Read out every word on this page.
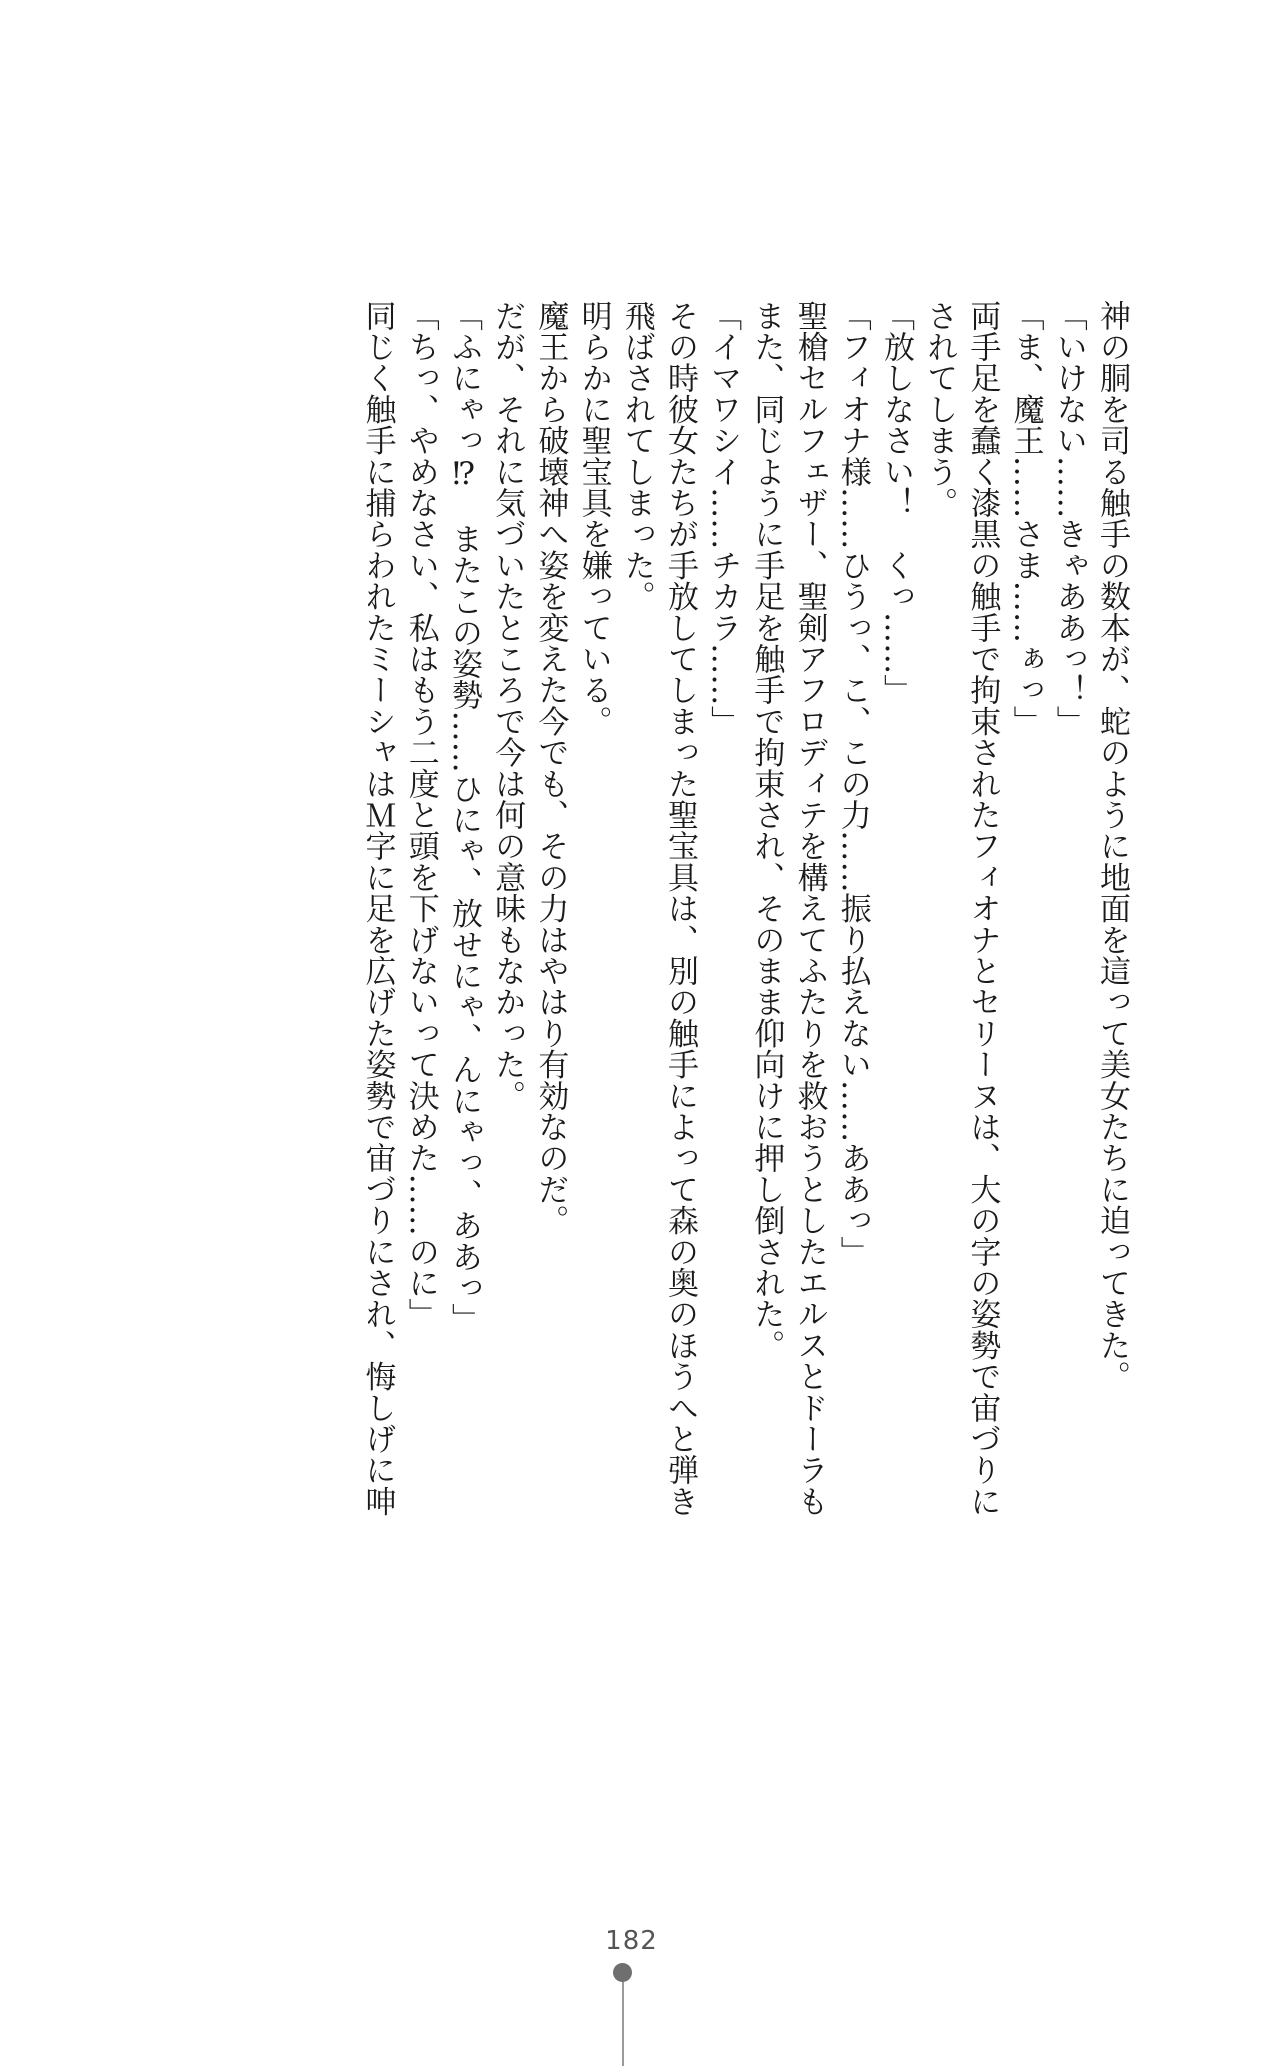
神の胴を司る触手の数本が、蛇のように地面を這って美女たちに迫ってきた。

「いけない……きゃああっ！」

「ま、魔王……さま……ぁっ」

両手足を蠢く漆黒の触手で拘束されたフィオナとセリーヌは、大の字の姿勢で宙づりに

されてしまう。

「放しなさい！　くっ……」

「フィオナ様……ひうっ、こ、この力……振り払えない……ああっ」

聖槍セルフェザー、聖剣アフロディテを構えてふたりを救おうとしたエルスとドーラも

また、同じように手足を触手で拘束され、そのまま仰向けに押し倒された。

「イマワシイ……チカラ……」

その時彼女たちが手放してしまった聖宝具は、別の触手によって森の奥のほうへと弾き

飛ばされてしまった。

明らかに聖宝具を嫌っている。

魔王から破壊神へ姿を変えた今でも、その力はやはり有効なのだ。

だが、それに気づいたところで今は何の意味もなかった。

「ふにゃっ⁉　またこの姿勢……ひにゃ、放せにゃ、んにゃっ、ああっ」

「ちっ、やめなさい、私はもう二度と頭を下げないって決めた……のに」

同じく触手に捕らわれたミーシャはＭ字に足を広げた姿勢で宙づりにされ、悔しげに呻

182
